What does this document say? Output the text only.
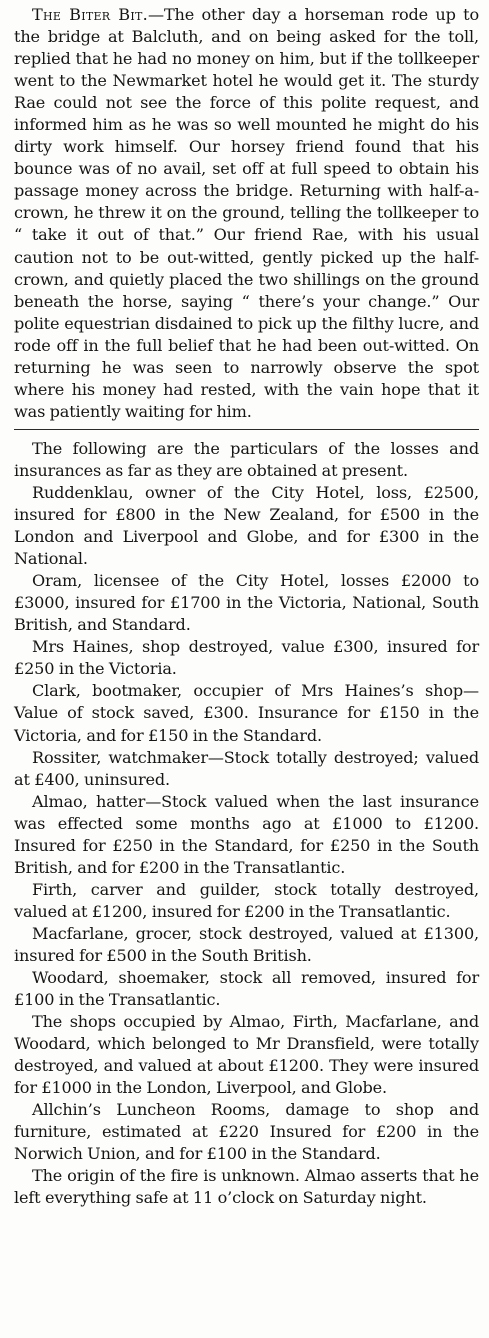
The Biter Bit.—The other day a horseman rode up to the bridge at Balcluth, and on being asked for the toll, replied that he had no money on him, but if the tollkeeper went to the Newmarket hotel he would get it. The sturdy Rae could not see the force of this polite request, and informed him as he was so well mounted he might do his dirty work himself. Our horsey friend found that his bounce was of no avail, set off at full speed to obtain his passage money across the bridge. Returning with half-a-crown, he threw it on the ground, telling the tollkeeper to “ take it out of that.” Our friend Rae, with his usual caution not to be out-witted, gently picked up the half-crown, and quietly placed the two shillings on the ground beneath the horse, saying “ there’s your change.” Our polite equestrian disdained to pick up the filthy lucre, and rode off in the full belief that he had been out-witted. On returning he was seen to narrowly observe the spot where his money had rested, with the vain hope that it was patiently waiting for him.

The following are the particulars of the losses and insurances as far as they are obtained at present.

Ruddenklau, owner of the City Hotel, loss, £2500, insured for £800 in the New Zealand, for £500 in the London and Liverpool and Globe, and for £300 in the National.

Oram, licensee of the City Hotel, losses £2000 to £3000, insured for £1700 in the Victoria, National, South British, and Standard.

Mrs Haines, shop destroyed, value £300, insured for £250 in the Victoria.

Clark, bootmaker, occupier of Mrs Haines’s shop—Value of stock saved, £300. Insurance for £150 in the Victoria, and for £150 in the Standard.

Rossiter, watchmaker—Stock totally destroyed; valued at £400, uninsured.

Almao, hatter—Stock valued when the last insurance was effected some months ago at £1000 to £1200. Insured for £250 in the Standard, for £250 in the South British, and for £200 in the Transatlantic.

Firth, carver and guilder, stock totally destroyed, valued at £1200, insured for £200 in the Transatlantic.

Macfarlane, grocer, stock destroyed, valued at £1300, insured for £500 in the South British.

Woodard, shoemaker, stock all removed, insured for £100 in the Transatlantic.

The shops occupied by Almao, Firth, Macfarlane, and Woodard, which belonged to Mr Dransfield, were totally destroyed, and valued at about £1200. They were insured for £1000 in the London, Liverpool, and Globe.

Allchin’s Luncheon Rooms, damage to shop and furniture, estimated at £220 Insured for £200 in the Norwich Union, and for £100 in the Standard.

The origin of the fire is unknown. Almao asserts that he left everything safe at 11 o’clock on Saturday night.
